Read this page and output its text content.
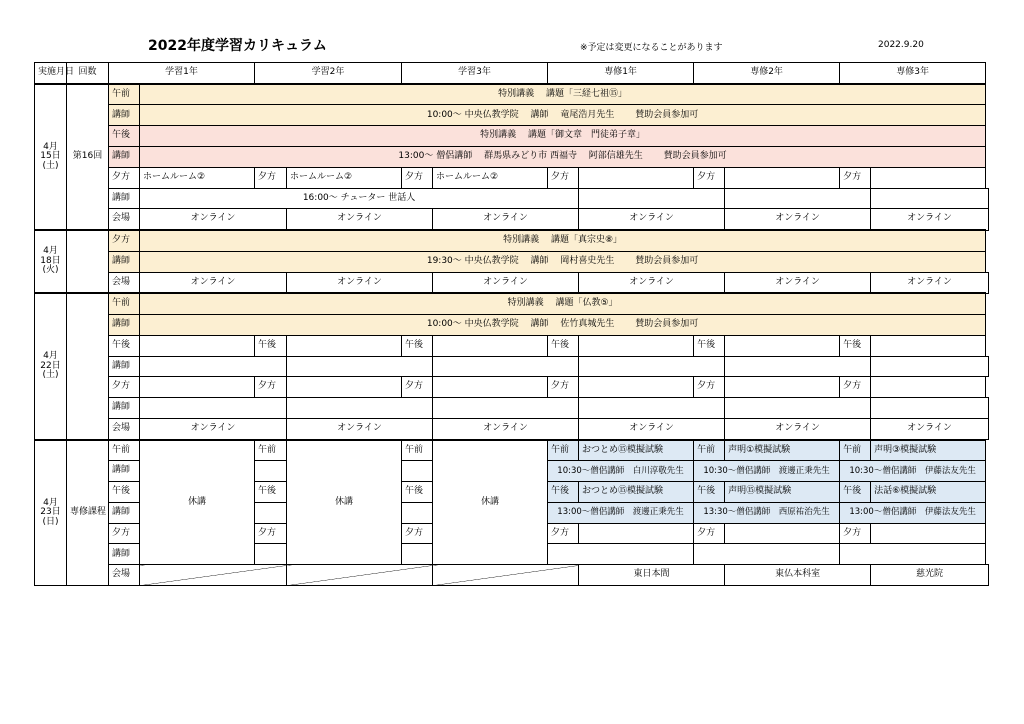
2022年度学習カリキュラム	※予定は変更になることがあります	2022.9.20
実施月日	回数	学習1年		学習2年		学習3年		専修1年		専修2年		専修3年	
4月15日(土)	第16回	午前	特別講義　 講題「三経七祖⑮」										
		講師	10:00～ 中央仏教学院　 講師　 竜尾浩月先生　　 賛助会員参加可										
		午後	特別講義　 講題「御文章　門徒弟子章」										
		講師	13:00～ 僧侶講師　 群馬県みどり市 西福寺　 阿部信雄先生　　 賛助会員参加可										
		夕方	ホームルーム②	夕方	ホームルーム②	夕方	ホームルーム②	夕方		夕方		夕方	
		講師	16:00～ チューター 世話人										
		会場	オンライン		オンライン		オンライン		オンライン		オンライン		オンライン
4月18日(火)		夕方	特別講義　 講題「真宗史⑧」										
		講師	19:30～ 中央仏教学院　 講師　 岡村喜史先生　　 賛助会員参加可										
		会場	オンライン		オンライン		オンライン		オンライン		オンライン		オンライン
4月22日(土)		午前	特別講義　 講題「仏教⑤」										
		講師	10:00～ 中央仏教学院　 講師　 佐竹真城先生　　 賛助会員参加可										
		午後		午後		午後		午後		午後		午後	
		講師											
		夕方		夕方		夕方		夕方		夕方		夕方	
		講師											
		会場	オンライン		オンライン		オンライン		オンライン		オンライン		オンライン
4月23日(日)	専修課程	午前	休講	午前	休講	午前	休講	午前	おつとめ⑮模擬試験	午前	声明①模擬試験	午前	声明③模擬試験
		講師						10:30～僧侶講師　白川淳敬先生		10:30～僧侶講師　渡邊正秉先生		10:30～僧侶講師　伊藤法友先生	
		午後		午後		午後		午後	おつとめ⑮模擬試験	午後	声明⑮模擬試験	午後	法話⑥模擬試験
		講師						13:00～僧侶講師　渡邊正秉先生		13:30～僧侶講師　西原祐治先生		13:00～僧侶講師　伊藤法友先生	
		夕方		夕方		夕方		夕方		夕方		夕方	
		講師											
		会場							東日本間		東仏本科室		慈光院
